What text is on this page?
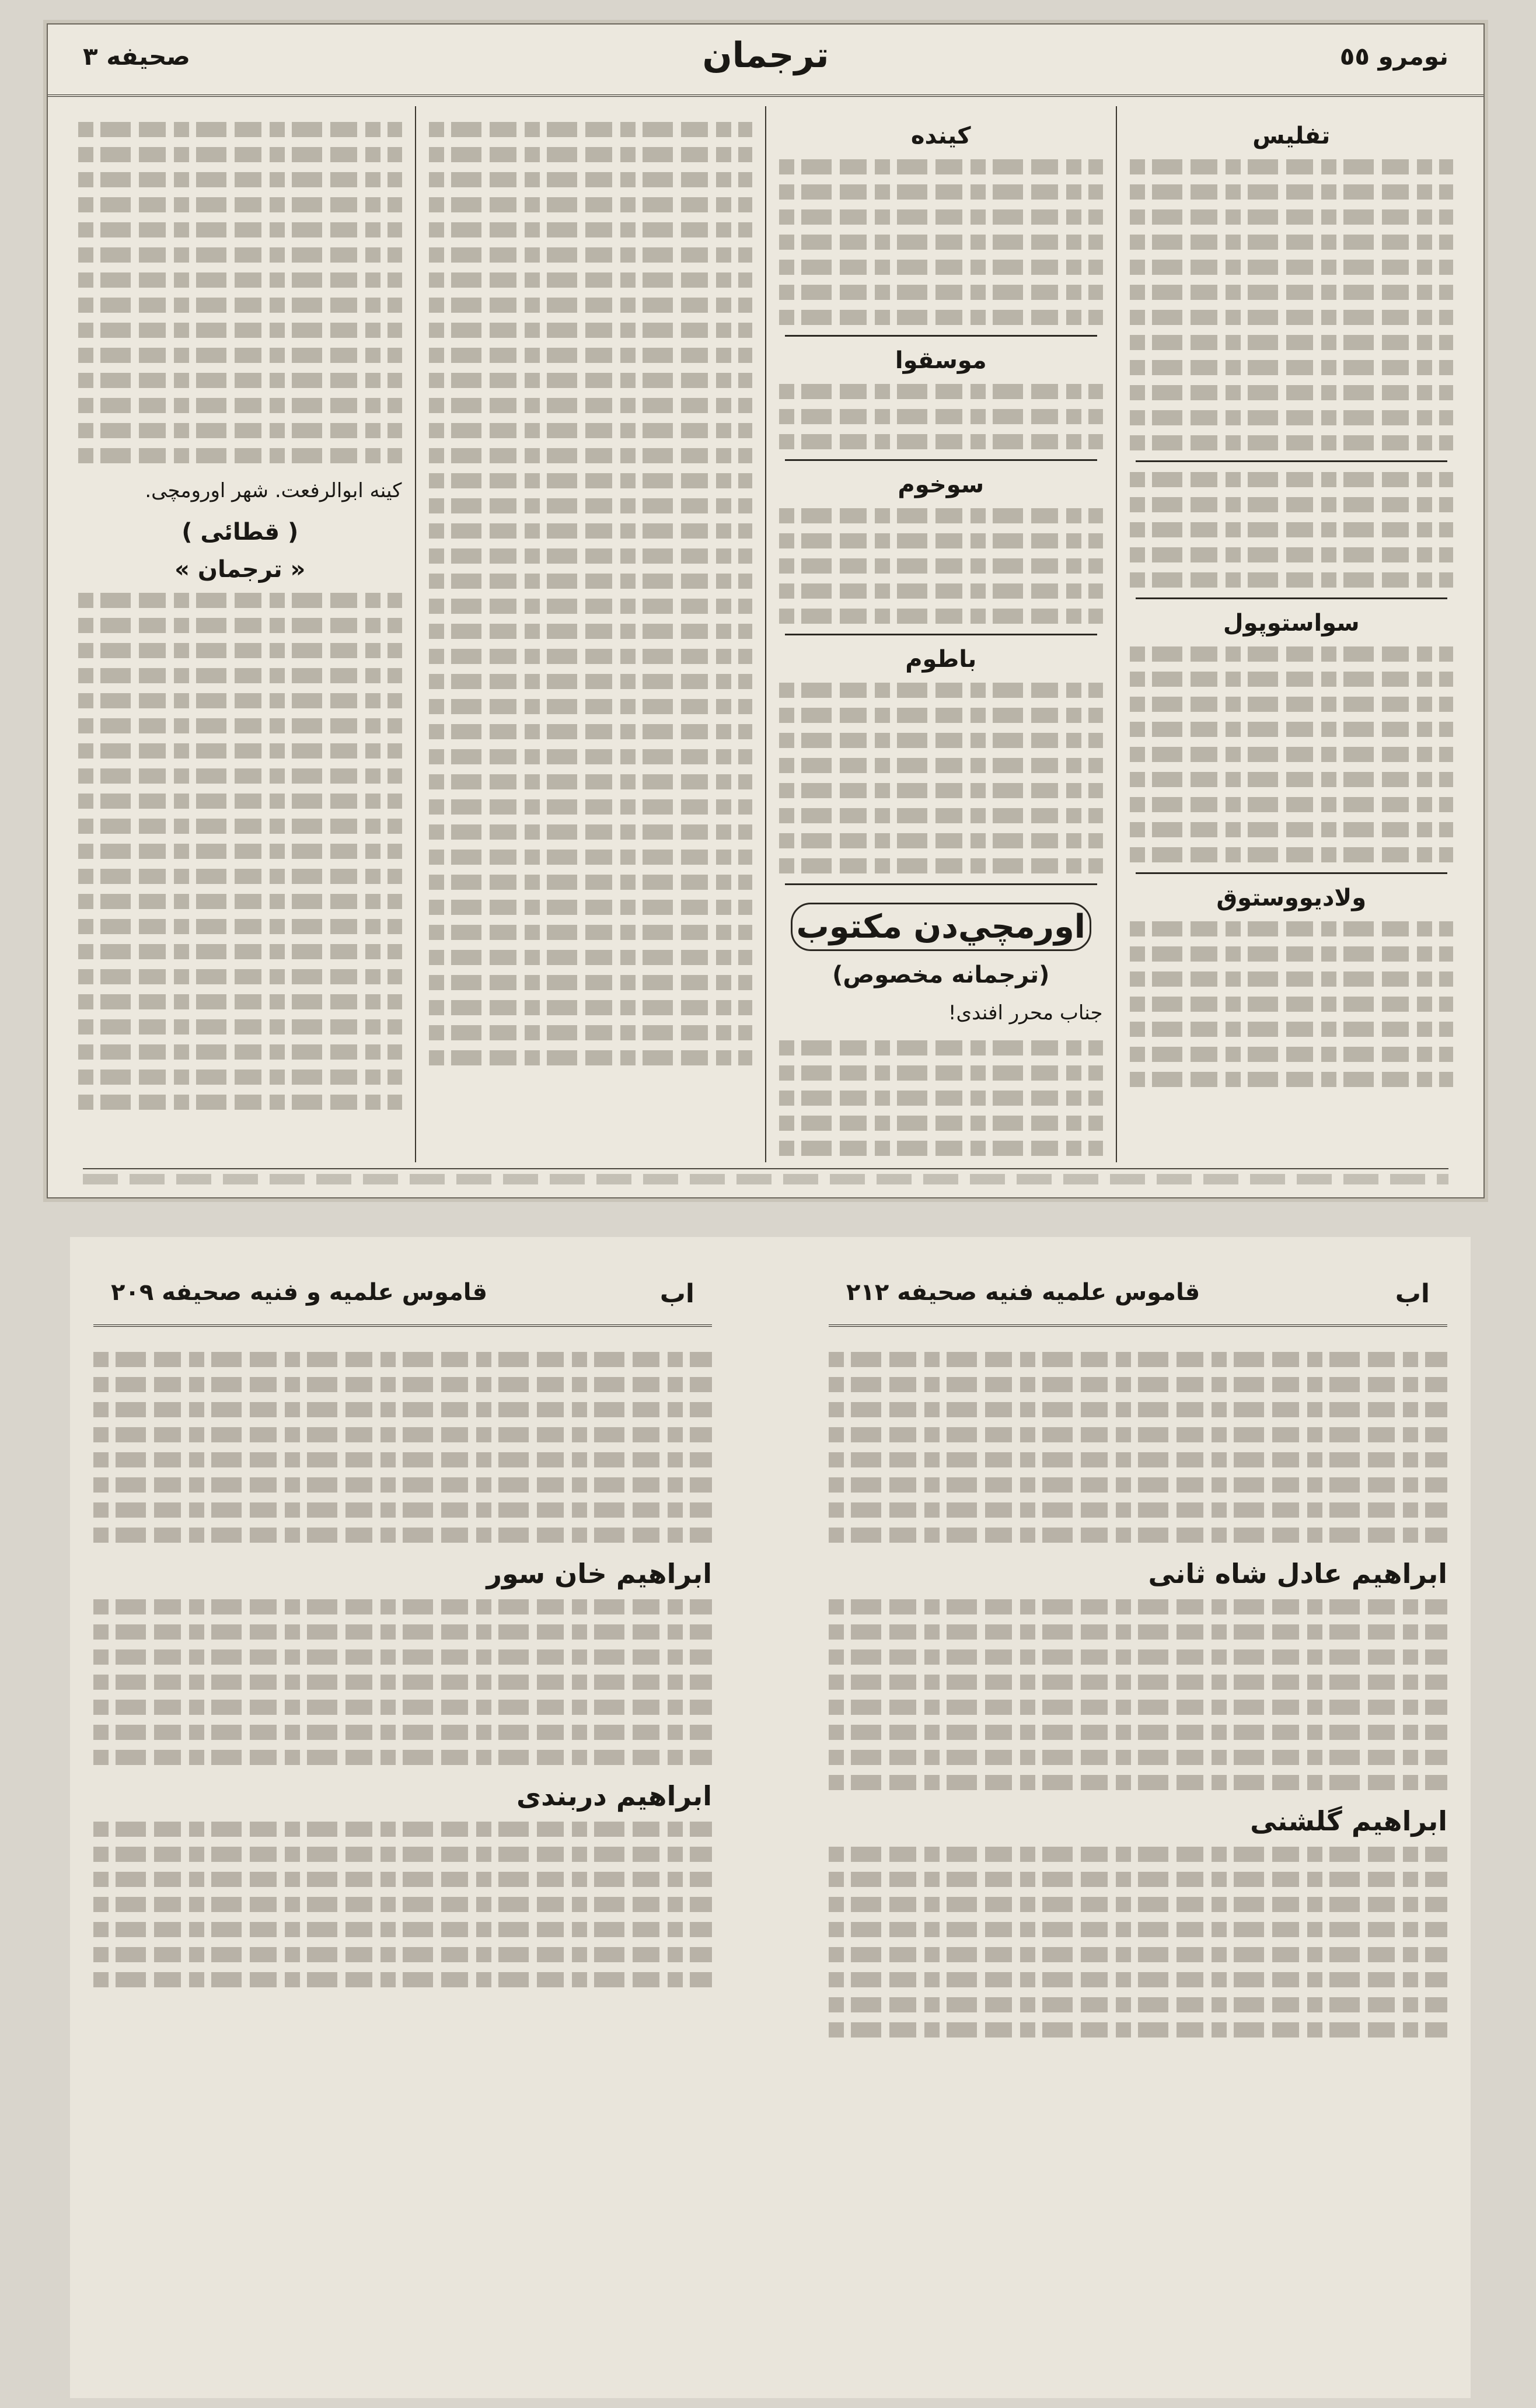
نومرو ٥٥
ترجمان
صحيفه ٣
تفليس
سواستوپول
ولاديووستوق
كينده
موسقوا
سوخوم
باطوم
اورمچي‌دن مكتوب
(ترجمانه مخصوص)
جناب محرر افندى!
كينه ابوالرفعت. شهر اورومچى.
( قطائى )
« ترجمان »
اب
قاموس علميه فنيه صحيفه ٢١٢
اب
قاموس علميه و فنيه صحيفه ٢٠٩
ابراهيم عادل شاه ثانى
ابراهيم گلشنى
ابراهيم خان سور
ابراهيم دربندى
